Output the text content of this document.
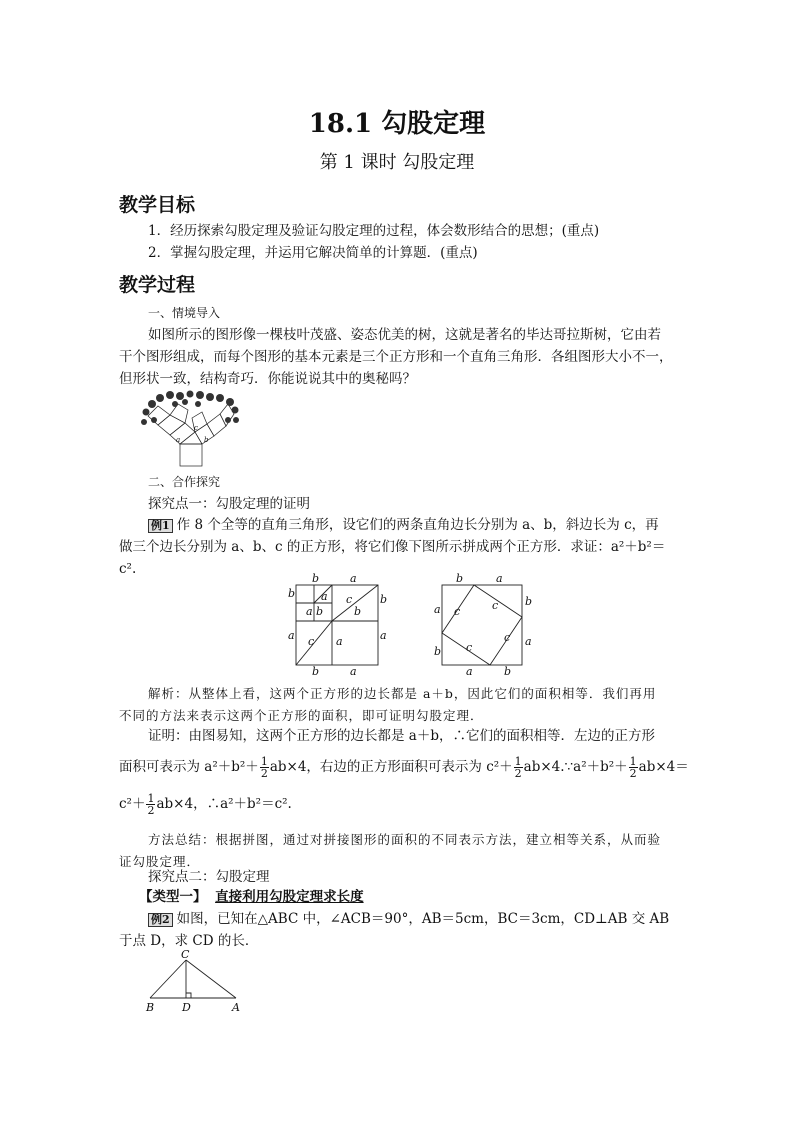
18.1 勾股定理
第 1 课时 勾股定理
教学目标
1．经历探索勾股定理及验证勾股定理的过程，体会数形结合的思想；(重点)
2．掌握勾股定理，并运用它解决简单的计算题．(重点)
教学过程
一、情境导入
如图所示的图形像一棵枝叶茂盛、姿态优美的树，这就是著名的毕达哥拉斯树，它由若
干个图形组成，而每个图形的基本元素是三个正方形和一个直角三角形．各组图形大小不一，
但形状一致，结构奇巧．你能说说其中的奥秘吗？
a
c
b
二、合作探究
探究点一：勾股定理的证明
例1 作 8 个全等的直角三角形，设它们的两条直角边长分别为 a、b，斜边长为 c，再
做三个边长分别为 a、b、c 的正方形，将它们像下图所示拼成两个正方形．求证：a²＋b²＝
c².
b	a
b
a
b
a
b	a
b
a
a
c
b
c a
b	a
a
b
b
a
a	b
c	c
c
c
解析：从整体上看，这两个正方形的边长都是 a＋b，因此它们的面积相等．我们再用
不同的方法来表示这两个正方形的面积，即可证明勾股定理．
证明：由图易知，这两个正方形的边长都是 a＋b，∴它们的面积相等．左边的正方形
面积可表示为 $a^2+b^2+ \frac{1}{2} ab\times 4$，右边的正方形面积可表示为 $c^2+ \frac{1}{2}$ ab×4.∵a²＋b²＋ $\frac{1}{2} ab\times 4=$
$c^2+ \frac{1}{2} ab\times 4$，∴a²＋b²＝c².
方法总结：根据拼图，通过对拼接图形的面积的不同表示方法，建立相等关系，从而验
证勾股定理．
探究点二：勾股定理
【类型一】 直接利用勾股定理求长度
例2 如图，已知在△ABC 中，∠ACB＝90°，AB＝5cm，BC＝3cm，CD⊥AB 交 AB
于点 D，求 CD 的长．
C
B	D	A
